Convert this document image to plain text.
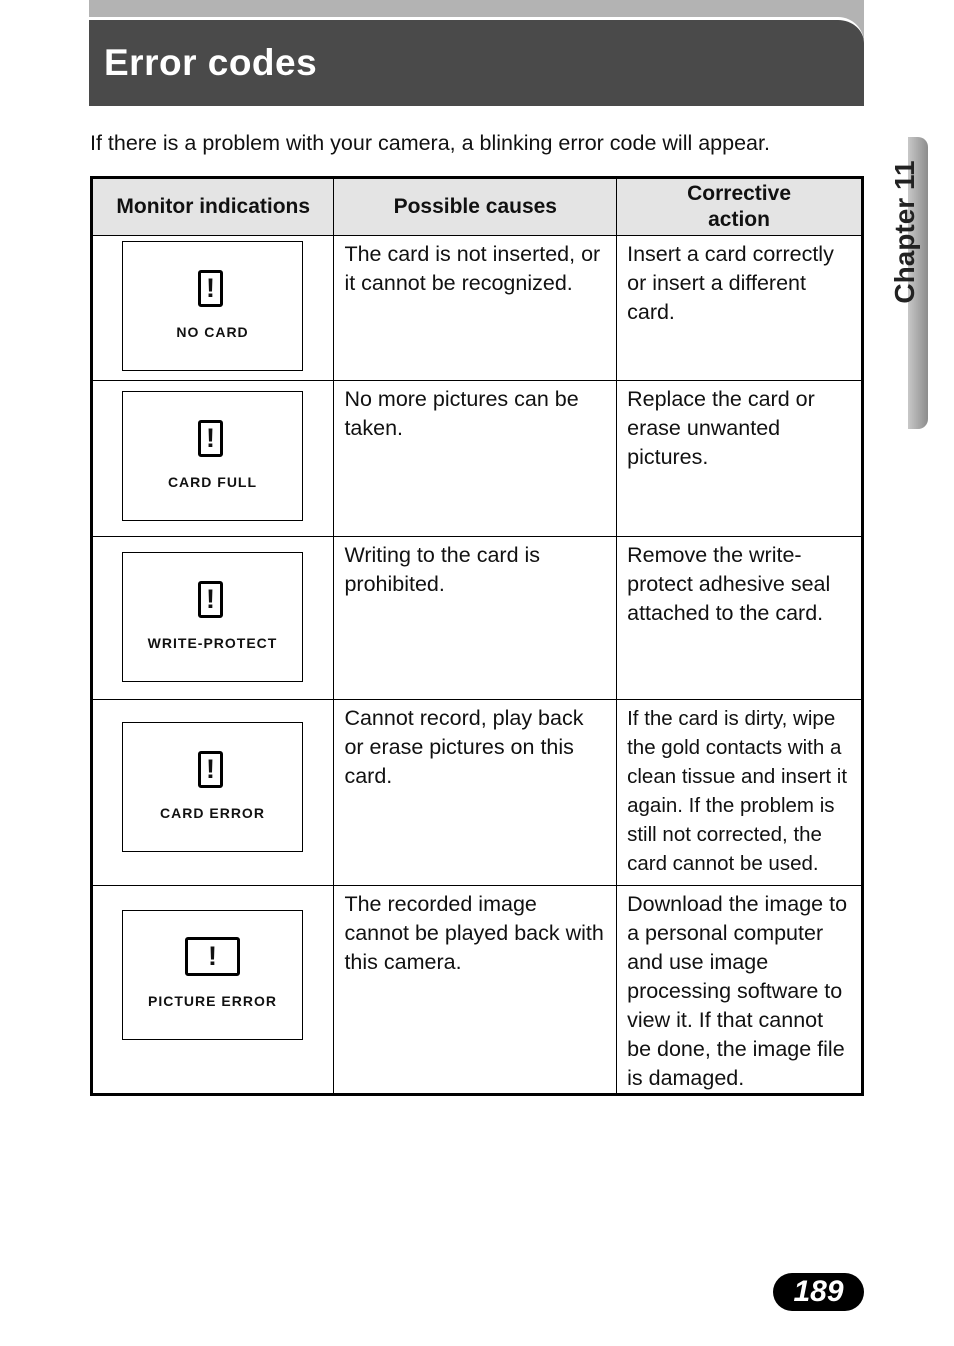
Error codes
If there is a problem with your camera, a blinking error code will appear.
Chapter 11
Monitor indications	Possible causes	Corrective action

!
NO CARD	The card is not inserted, or it cannot be recognized.	Insert a card correctly or insert a different card.

!
CARD FULL	No more pictures can be taken.	Replace the card or erase unwanted pictures.

!
WRITE-PROTECT	Writing to the card is prohibited.	Remove the write-protect adhesive seal attached to the card.

!
CARD ERROR	Cannot record, play back or erase pictures on this card.	If the card is dirty, wipe the gold contacts with a clean tissue and insert it again. If the problem is still not corrected, the card cannot be used.

!
PICTURE ERROR	The recorded image cannot be played back with this camera.	Download the image to a personal computer and use image processing software to view it. If that cannot be done, the image file is damaged.
189
